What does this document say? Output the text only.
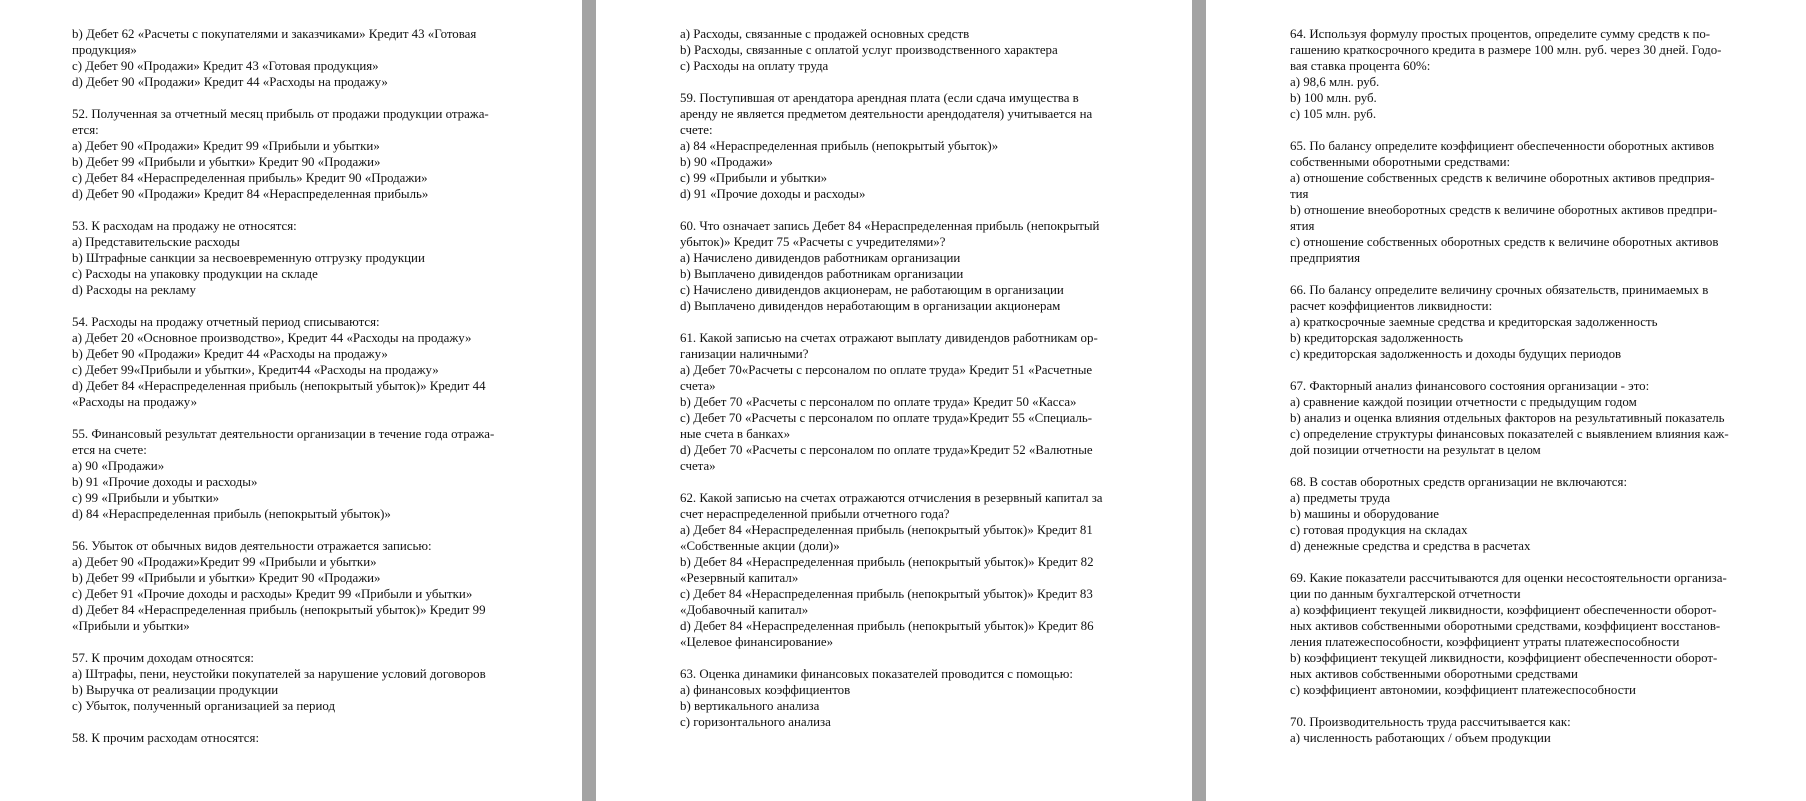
b) Дебет 62 «Расчеты с покупателями и заказчиками» Кредит 43 «Готовая
продукция»
c) Дебет 90 «Продажи» Кредит 43 «Готовая продукция»
d) Дебет 90 «Продажи» Кредит 44 «Расходы на продажу»
52. Полученная за отчетный месяц прибыль от продажи продукции отража-
ется:
a) Дебет 90 «Продажи» Кредит 99 «Прибыли и убытки»
b) Дебет 99 «Прибыли и убытки» Кредит 90 «Продажи»
c) Дебет 84 «Нераспределенная прибыль» Кредит 90 «Продажи»
d) Дебет 90 «Продажи» Кредит 84 «Нераспределенная прибыль»
53. К расходам на продажу не относятся:
a) Представительские расходы
b) Штрафные санкции за несвоевременную отгрузку продукции
c) Расходы на упаковку продукции на складе
d) Расходы на рекламу
54. Расходы на продажу отчетный период списываются:
a) Дебет 20 «Основное производство», Кредит 44 «Расходы на продажу»
b) Дебет 90 «Продажи» Кредит 44 «Расходы на продажу»
c) Дебет 99«Прибыли и убытки», Кредит44 «Расходы на продажу»
d) Дебет 84 «Нераспределенная прибыль (непокрытый убыток)» Кредит 44
«Расходы на продажу»
55. Финансовый результат деятельности организации в течение года отража-
ется на счете:
a) 90 «Продажи»
b) 91 «Прочие доходы и расходы»
c) 99 «Прибыли и убытки»
d) 84 «Нераспределенная прибыль (непокрытый убыток)»
56. Убыток от обычных видов деятельности отражается записью:
a) Дебет 90 «Продажи»Кредит 99 «Прибыли и убытки»
b) Дебет 99 «Прибыли и убытки» Кредит 90 «Продажи»
c) Дебет 91 «Прочие доходы и расходы» Кредит 99 «Прибыли и убытки»
d) Дебет 84 «Нераспределенная прибыль (непокрытый убыток)» Кредит 99
«Прибыли и убытки»
57. К прочим доходам относятся:
a) Штрафы, пени, неустойки покупателей за нарушение условий договоров
b) Выручка от реализации продукции
c) Убыток, полученный организацией за период
58. К прочим расходам относятся:
a) Расходы, связанные с продажей основных средств
b) Расходы, связанные с оплатой услуг производственного характера
c) Расходы на оплату труда
59. Поступившая от арендатора арендная плата (если сдача имущества в
аренду не является предметом деятельности арендодателя) учитывается на
счете:
a) 84 «Нераспределенная прибыль (непокрытый убыток)»
b) 90 «Продажи»
c) 99 «Прибыли и убытки»
d) 91 «Прочие доходы и расходы»
60. Что означает запись Дебет 84 «Нераспределенная прибыль (непокрытый
убыток)» Кредит 75 «Расчеты с учредителями»?
a) Начислено дивидендов работникам организации
b) Выплачено дивидендов работникам организации
c) Начислено дивидендов акционерам, не работающим в организации
d) Выплачено дивидендов неработающим в организации акционерам
61. Какой записью на счетах отражают выплату дивидендов работникам ор-
ганизации наличными?
a) Дебет 70«Расчеты с персоналом по оплате труда» Кредит 51 «Расчетные
счета»
b) Дебет 70 «Расчеты с персоналом по оплате труда» Кредит 50 «Касса»
c) Дебет 70 «Расчеты с персоналом по оплате труда»Кредит 55 «Специаль-
ные счета в банках»
d) Дебет 70 «Расчеты с персоналом по оплате труда»Кредит 52 «Валютные
счета»
62. Какой записью на счетах отражаются отчисления в резервный капитал за
счет нераспределенной прибыли отчетного года?
a) Дебет 84 «Нераспределенная прибыль (непокрытый убыток)» Кредит 81
«Собственные акции (доли)»
b) Дебет 84 «Нераспределенная прибыль (непокрытый убыток)» Кредит 82
«Резервный капитал»
c) Дебет 84 «Нераспределенная прибыль (непокрытый убыток)» Кредит 83
«Добавочный капитал»
d) Дебет 84 «Нераспределенная прибыль (непокрытый убыток)» Кредит 86
«Целевое финансирование»
63. Оценка динамики финансовых показателей проводится с помощью:
a) финансовых коэффициентов
b) вертикального анализа
c) горизонтального анализа
64. Используя формулу простых процентов, определите сумму средств к по-
гашению краткосрочного кредита в размере 100 млн. руб. через 30 дней. Годо-
вая ставка процента 60%:
a) 98,6 млн. руб.
b) 100 млн. руб.
c) 105 млн. руб.
65. По балансу определите коэффициент обеспеченности оборотных активов
собственными оборотными средствами:
a) отношение собственных средств к величине оборотных активов предприя-
тия
b) отношение внеоборотных средств к величине оборотных активов предпри-
ятия
c) отношение собственных оборотных средств к величине оборотных активов
предприятия
66. По балансу определите величину срочных обязательств, принимаемых в
расчет коэффициентов ликвидности:
a) краткосрочные заемные средства и кредиторская задолженность
b) кредиторская задолженность
c) кредиторская задолженность и доходы будущих периодов
67. Факторный анализ финансового состояния организации - это:
a) сравнение каждой позиции отчетности с предыдущим годом
b) анализ и оценка влияния отдельных факторов на результативный показатель
c) определение структуры финансовых показателей с выявлением влияния каж-
дой позиции отчетности на результат в целом
68. В состав оборотных средств организации не включаются:
a) предметы труда
b) машины и оборудование
c) готовая продукция на складах
d) денежные средства и средства в расчетах
69. Какие показатели рассчитываются для оценки несостоятельности организа-
ции по данным бухгалтерской отчетности
a) коэффициент текущей ликвидности, коэффициент обеспеченности оборот-
ных активов собственными оборотными средствами, коэффициент восстанов-
ления платежеспособности, коэффициент утраты платежеспособности
b) коэффициент текущей ликвидности, коэффициент обеспеченности оборот-
ных активов собственными оборотными средствами
c) коэффициент автономии, коэффициент платежеспособности
70. Производительность труда рассчитывается как:
a) численность работающих / объем продукции
